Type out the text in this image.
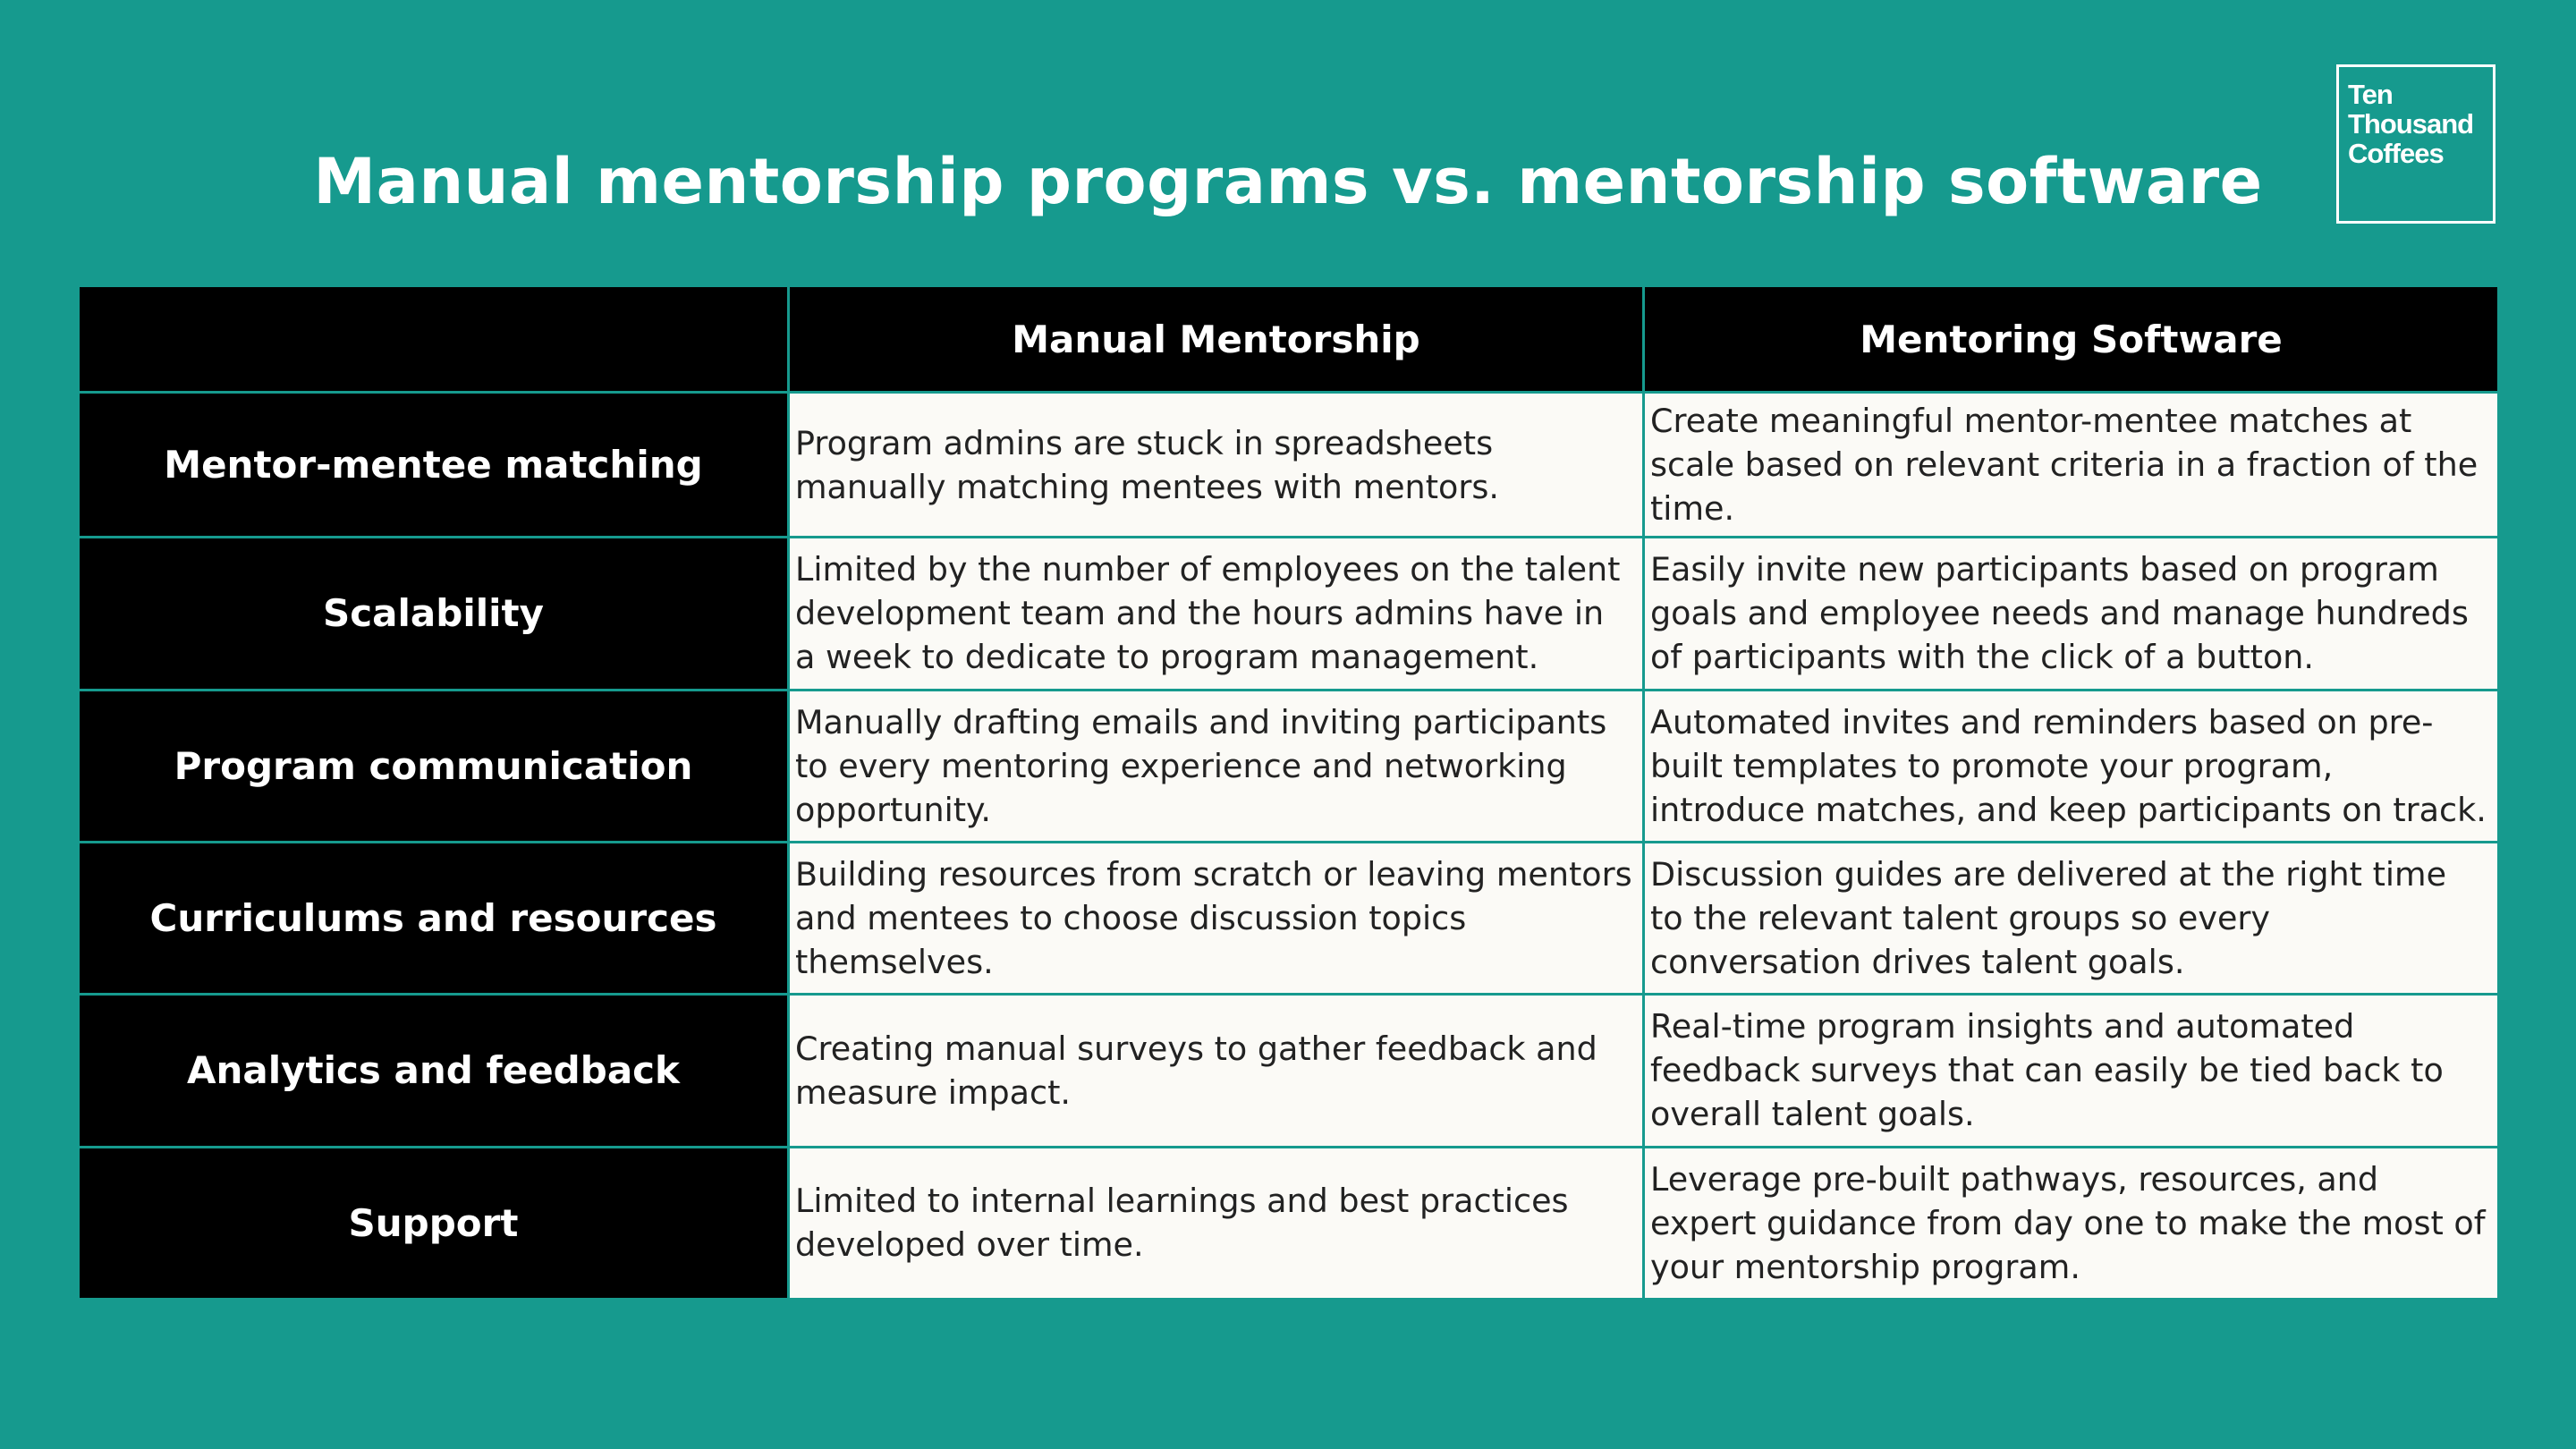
Manual mentorship programs vs. mentorship software
Ten
Thousand
Coffees
	Manual Mentorship	Mentoring Software
Mentor-mentee matching	Program admins are stuck in spreadsheets manually matching mentees with mentors.	Create meaningful mentor-mentee matches at scale based on relevant criteria in a fraction of the time.
Scalability	Limited by the number of employees on the talent development team and the hours admins have in a week to dedicate to program management.	Easily invite new participants based on program goals and employee needs and manage hundreds of participants with the click of a button.
Program communication	Manually drafting emails and inviting participants to every mentoring experience and networking opportunity.	Automated invites and reminders based on pre-built templates to promote your program, introduce matches, and keep participants on track.
Curriculums and resources	Building resources from scratch or leaving mentors and mentees to choose discussion topics themselves.	Discussion guides are delivered at the right time to the relevant talent groups so every conversation drives talent goals.
Analytics and feedback	Creating manual surveys to gather feedback and measure impact.	Real-time program insights and automated feedback surveys that can easily be tied back to overall talent goals.
Support	Limited to internal learnings and best practices developed over time.	Leverage pre-built pathways, resources, and expert guidance from day one to make the most of your mentorship program.
